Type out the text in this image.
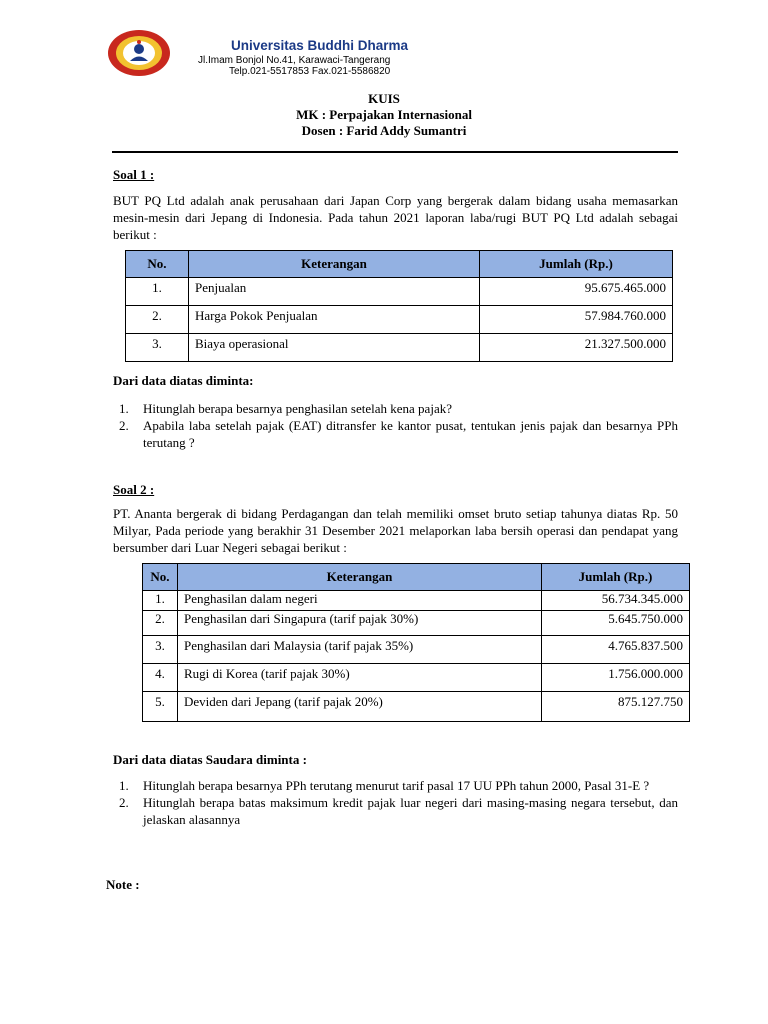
Universitas Buddhi Dharma
Jl.Imam Bonjol No.41, Karawaci-Tangerang
Telp.021-5517853 Fax.021-5586820
KUIS
MK : Perpajakan Internasional
Dosen : Farid Addy Sumantri
Soal 1 :
BUT PQ Ltd adalah anak perusahaan dari Japan Corp yang bergerak dalam bidang usaha memasarkan mesin-mesin dari Jepang di Indonesia. Pada tahun 2021 laporan laba/rugi BUT PQ Ltd adalah sebagai berikut :
No.	Keterangan	Jumlah (Rp.)
1.	Penjualan	95.675.465.000
2.	Harga Pokok Penjualan	57.984.760.000
3.	Biaya operasional	21.327.500.000
Dari data diatas diminta:
1. Hitunglah berapa besarnya penghasilan setelah kena pajak?
2. Apabila laba setelah pajak (EAT) ditransfer ke kantor pusat, tentukan jenis pajak dan besarnya PPh terutang ?
Soal 2 :
PT. Ananta bergerak di bidang Perdagangan dan telah memiliki omset bruto setiap tahunya diatas Rp. 50 Milyar, Pada periode yang berakhir 31 Desember 2021 melaporkan laba bersih operasi dan pendapat yang bersumber dari Luar Negeri sebagai berikut :
No.	Keterangan	Jumlah (Rp.)
1.	Penghasilan dalam negeri	56.734.345.000
2.	Penghasilan dari Singapura (tarif pajak 30%)	5.645.750.000
3.	Penghasilan dari Malaysia (tarif pajak 35%)	4.765.837.500
4.	Rugi di Korea (tarif pajak 30%)	1.756.000.000
5.	Deviden dari Jepang (tarif pajak 20%)	875.127.750
Dari data diatas Saudara diminta :
1. Hitunglah berapa besarnya PPh terutang menurut tarif pasal 17 UU PPh tahun 2000, Pasal 31-E ?
2. Hitunglah berapa batas maksimum kredit pajak luar negeri dari masing-masing negara tersebut, dan jelaskan alasannya
Note :
